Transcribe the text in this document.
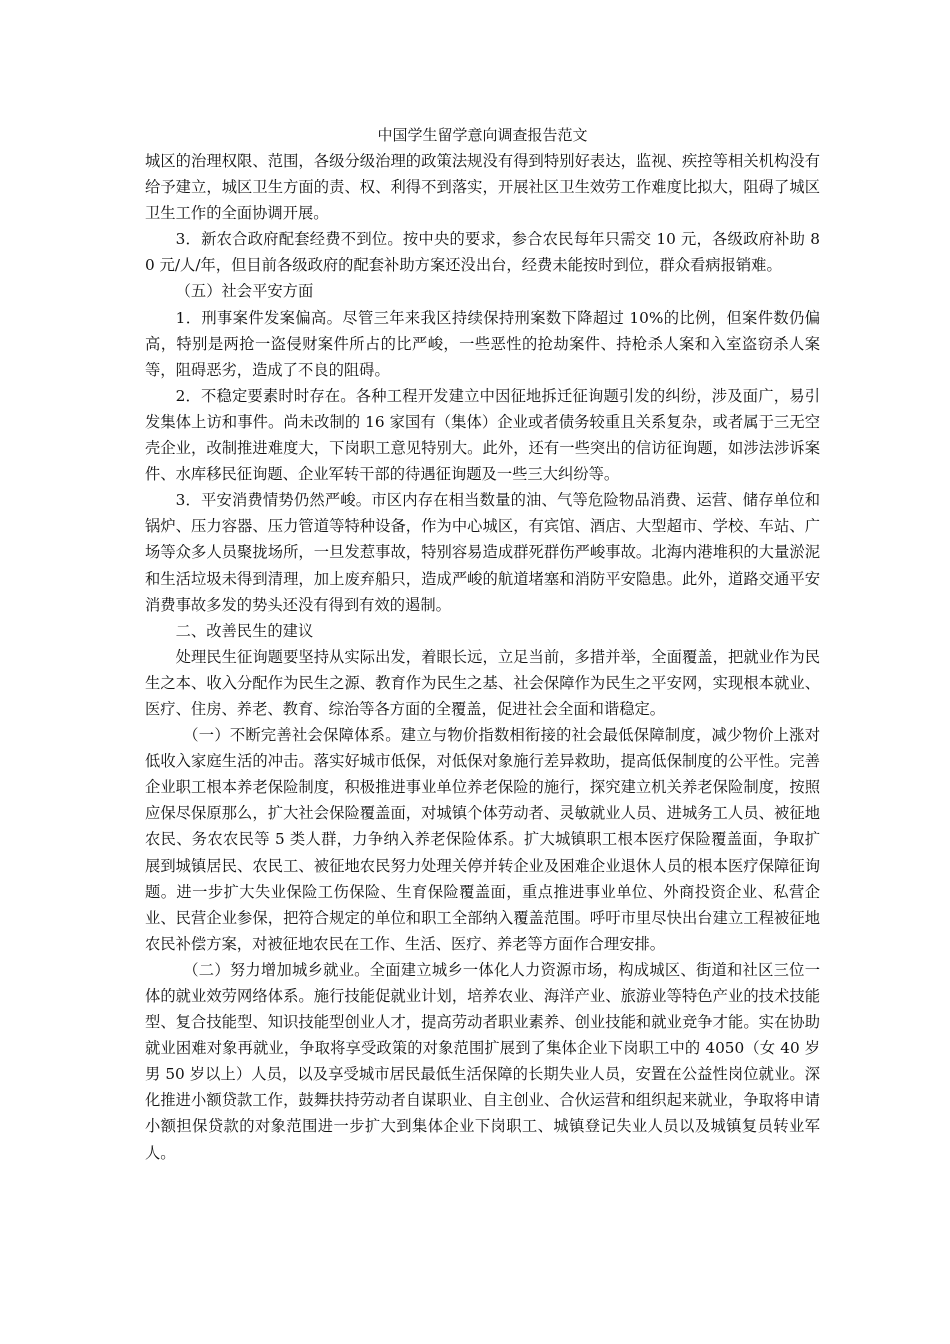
中国学生留学意向调查报告范文

城区的治理权限、范围，各级分级治理的政策法规没有得到特别好表达，监视、疾控等相关机构没有给予建立，城区卫生方面的责、权、利得不到落实，开展社区卫生效劳工作难度比拟大，阻碍了城区卫生工作的全面协调开展。

3．新农合政府配套经费不到位。按中央的要求，参合农民每年只需交 10 元，各级政府补助 80 元/人/年，但目前各级政府的配套补助方案还没出台，经费未能按时到位，群众看病报销难。

（五）社会平安方面

1．刑事案件发案偏高。尽管三年来我区持续保持刑案数下降超过 10%的比例，但案件数仍偏高，特别是两抢一盗侵财案件所占的比严峻，一些恶性的抢劫案件、持枪杀人案和入室盗窃杀人案等，阻碍恶劣，造成了不良的阻碍。

2．不稳定要素时时存在。各种工程开发建立中因征地拆迁征询题引发的纠纷，涉及面广，易引发集体上访和事件。尚未改制的 16 家国有（集体）企业或者债务较重且关系复杂，或者属于三无空壳企业，改制推进难度大，下岗职工意见特别大。此外，还有一些突出的信访征询题，如涉法涉诉案件、水库移民征询题、企业军转干部的待遇征询题及一些三大纠纷等。

3．平安消费情势仍然严峻。市区内存在相当数量的油、气等危险物品消费、运营、储存单位和锅炉、压力容器、压力管道等特种设备，作为中心城区，有宾馆、酒店、大型超市、学校、车站、广场等众多人员聚拢场所，一旦发惹事故，特别容易造成群死群伤严峻事故。北海内港堆积的大量淤泥和生活垃圾未得到清理，加上废弃船只，造成严峻的航道堵塞和消防平安隐患。此外，道路交通平安消费事故多发的势头还没有得到有效的遏制。

二、改善民生的建议

处理民生征询题要坚持从实际出发，着眼长远，立足当前，多措并举，全面覆盖，把就业作为民生之本、收入分配作为民生之源、教育作为民生之基、社会保障作为民生之平安网，实现根本就业、医疗、住房、养老、教育、综治等各方面的全覆盖，促进社会全面和谐稳定。

（一）不断完善社会保障体系。建立与物价指数相衔接的社会最低保障制度，减少物价上涨对低收入家庭生活的冲击。落实好城市低保，对低保对象施行差异救助，提高低保制度的公平性。完善企业职工根本养老保险制度，积极推进事业单位养老保险的施行，探究建立机关养老保险制度，按照应保尽保原那么，扩大社会保险覆盖面，对城镇个体劳动者、灵敏就业人员、进城务工人员、被征地农民、务农农民等 5 类人群，力争纳入养老保险体系。扩大城镇职工根本医疗保险覆盖面，争取扩展到城镇居民、农民工、被征地农民努力处理关停并转企业及困难企业退休人员的根本医疗保障征询题。进一步扩大失业保险工伤保险、生育保险覆盖面，重点推进事业单位、外商投资企业、私营企业、民营企业参保，把符合规定的单位和职工全部纳入覆盖范围。呼吁市里尽快出台建立工程被征地农民补偿方案，对被征地农民在工作、生活、医疗、养老等方面作合理安排。

（二）努力增加城乡就业。全面建立城乡一体化人力资源市场，构成城区、街道和社区三位一体的就业效劳网络体系。施行技能促就业计划，培养农业、海洋产业、旅游业等特色产业的技术技能型、复合技能型、知识技能型创业人才，提高劳动者职业素养、创业技能和就业竞争才能。实在协助就业困难对象再就业，争取将享受政策的对象范围扩展到了集体企业下岗职工中的 4050（女 40 岁男 50 岁以上）人员，以及享受城市居民最低生活保障的长期失业人员，安置在公益性岗位就业。深化推进小额贷款工作，鼓舞扶持劳动者自谋职业、自主创业、合伙运营和组织起来就业，争取将申请小额担保贷款的对象范围进一步扩大到集体企业下岗职工、城镇登记失业人员以及城镇复员转业军人。
